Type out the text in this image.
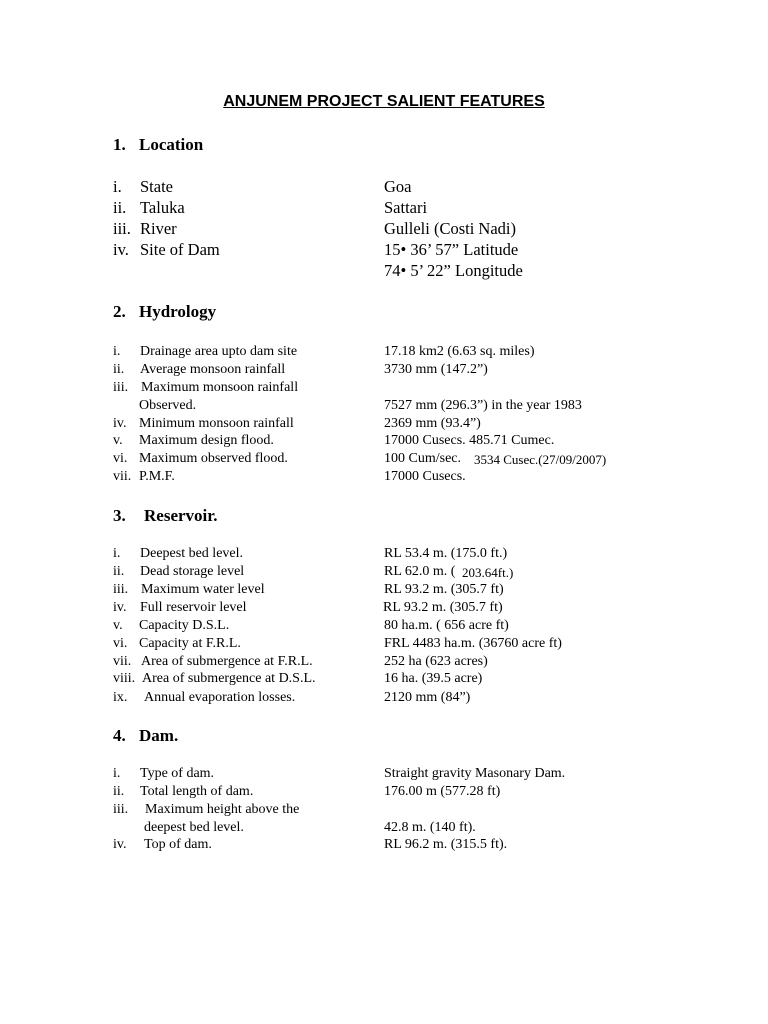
ANJUNEM PROJECT SALIENT FEATURES
1. Location
i. State	Goa
ii. Taluka	Sattari
iii. River	Gulleli (Costi Nadi)
iv. Site of Dam	15• 36’ 57” Latitude
74• 5’ 22” Longitude
2. Hydrology
i. Drainage area upto dam site	17.18 km2 (6.63 sq. miles)
ii. Average monsoon rainfall	3730 mm (147.2”)
iii. Maximum monsoon rainfall
Observed.	7527 mm (296.3”) in the year 1983
iv. Minimum monsoon rainfall	2369 mm (93.4”)
v. Maximum design flood.	17000 Cusecs. 485.71 Cumec.
vi. Maximum observed flood.	100 Cum/sec. 3534 Cusec.(27/09/2007)
vii. P.M.F.	17000 Cusecs.
3. Reservoir.
i. Deepest bed level.	RL 53.4 m. (175.0 ft.)
ii. Dead storage level	RL 62.0 m. ( 203.64ft.)
iii. Maximum water level	RL 93.2 m. (305.7 ft)
iv. Full reservoir level	RL 93.2 m. (305.7 ft)
v. Capacity D.S.L.	80 ha.m. ( 656 acre ft)
vi. Capacity at F.R.L.	FRL 4483 ha.m. (36760 acre ft)
vii. Area of submergence at F.R.L.	252 ha (623 acres)
viii. Area of submergence at D.S.L.	16 ha. (39.5 acre)
ix. Annual evaporation losses.	2120 mm (84”)
4. Dam.
i. Type of dam.	Straight gravity Masonary Dam.
ii. Total length of dam.	176.00 m (577.28 ft)
iii. Maximum height above the
deepest bed level.	42.8 m. (140 ft).
iv. Top of dam.	RL 96.2 m. (315.5 ft).
